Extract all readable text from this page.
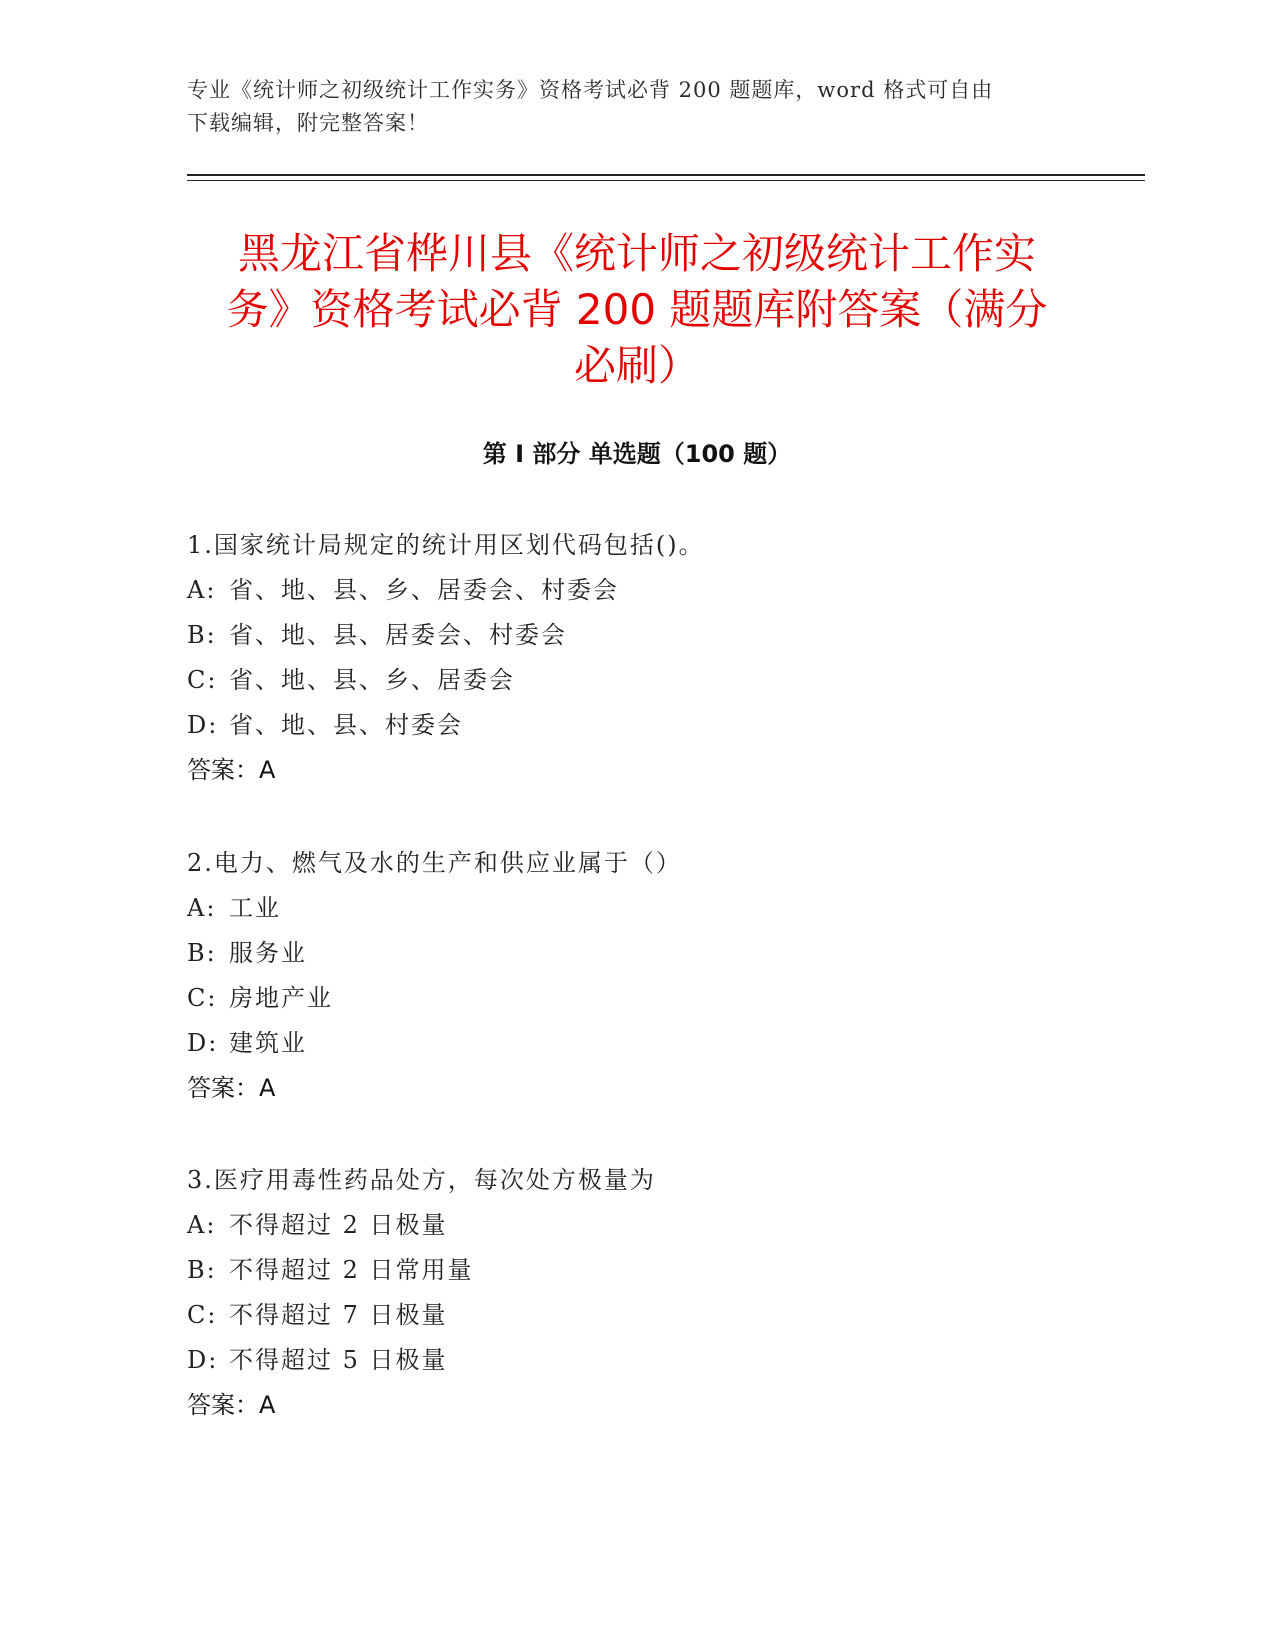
专业《统计师之初级统计工作实务》资格考试必背 200 题题库，word 格式可自由
下载编辑，附完整答案！
黑龙江省桦川县《统计师之初级统计工作实
务》资格考试必背 200 题题库附答案（满分
必刷）
第 I 部分 单选题（100 题）
1.国家统计局规定的统计用区划代码包括()。
A: 省、地、县、乡、居委会、村委会
B: 省、地、县、居委会、村委会
C: 省、地、县、乡、居委会
D: 省、地、县、村委会
答案：A
2.电力、燃气及水的生产和供应业属于（）
A: 工业
B: 服务业
C: 房地产业
D: 建筑业
答案：A
3.医疗用毒性药品处方，每次处方极量为
A: 不得超过 2 日极量
B: 不得超过 2 日常用量
C: 不得超过 7 日极量
D: 不得超过 5 日极量
答案：A
